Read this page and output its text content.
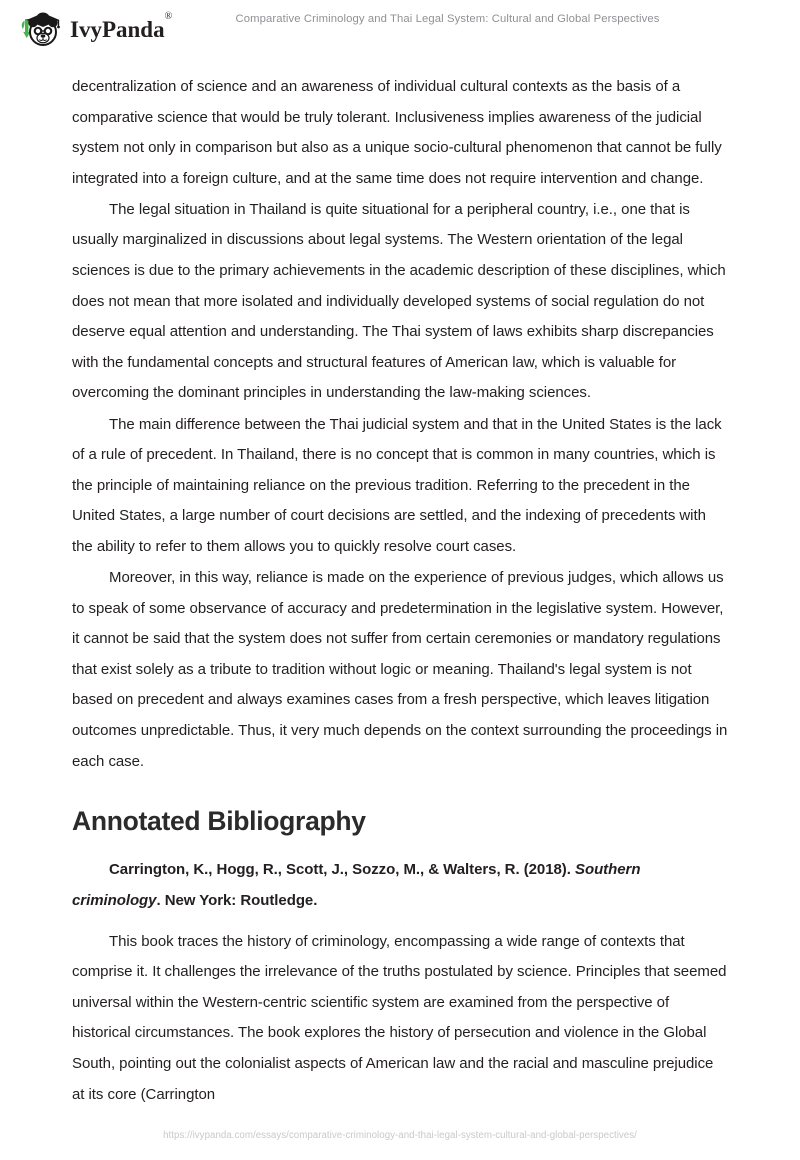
IvyPanda®	Comparative Criminology and Thai Legal System: Cultural and Global Perspectives

decentralization of science and an awareness of individual cultural contexts as the basis of a comparative science that would be truly tolerant. Inclusiveness implies awareness of the judicial system not only in comparison but also as a unique socio-cultural phenomenon that cannot be fully integrated into a foreign culture, and at the same time does not require intervention and change.

The legal situation in Thailand is quite situational for a peripheral country, i.e., one that is usually marginalized in discussions about legal systems. The Western orientation of the legal sciences is due to the primary achievements in the academic description of these disciplines, which does not mean that more isolated and individually developed systems of social regulation do not deserve equal attention and understanding. The Thai system of laws exhibits sharp discrepancies with the fundamental concepts and structural features of American law, which is valuable for overcoming the dominant principles in understanding the law-making sciences.

The main difference between the Thai judicial system and that in the United States is the lack of a rule of precedent. In Thailand, there is no concept that is common in many countries, which is the principle of maintaining reliance on the previous tradition. Referring to the precedent in the United States, a large number of court decisions are settled, and the indexing of precedents with the ability to refer to them allows you to quickly resolve court cases.

Moreover, in this way, reliance is made on the experience of previous judges, which allows us to speak of some observance of accuracy and predetermination in the legislative system. However, it cannot be said that the system does not suffer from certain ceremonies or mandatory regulations that exist solely as a tribute to tradition without logic or meaning. Thailand's legal system is not based on precedent and always examines cases from a fresh perspective, which leaves litigation outcomes unpredictable. Thus, it very much depends on the context surrounding the proceedings in each case.

Annotated Bibliography

Carrington, K., Hogg, R., Scott, J., Sozzo, M., & Walters, R. (2018). Southern criminology. New York: Routledge.

This book traces the history of criminology, encompassing a wide range of contexts that comprise it. It challenges the irrelevance of the truths postulated by science. Principles that seemed universal within the Western-centric scientific system are examined from the perspective of historical circumstances. The book explores the history of persecution and violence in the Global South, pointing out the colonialist aspects of American law and the racial and masculine prejudice at its core (Carrington

https://ivypanda.com/essays/comparative-criminology-and-thai-legal-system-cultural-and-global-perspectives/
